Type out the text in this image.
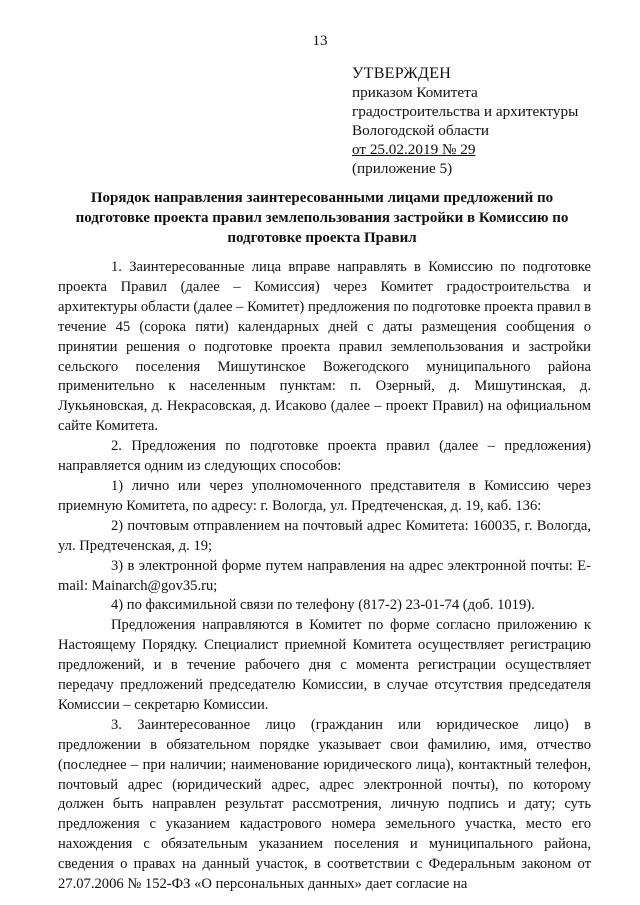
13
УТВЕРЖДЕН
приказом Комитета
градостроительства и архитектуры
Вологодской области
от 25.02.2019 № 29
(приложение 5)
Порядок направления заинтересованными лицами предложений по
подготовке проекта правил землепользования застройки в Комиссию по
подготовке проекта Правил

1. Заинтересованные лица вправе направлять в Комиссию по подготовке проекта Правил (далее – Комиссия) через Комитет градостроительства и архитектуры области (далее – Комитет) предложения по подготовке проекта правил в течение 45 (сорока пяти) календарных дней с даты размещения сообщения о принятии решения о подготовке проекта правил землепользования и застройки сельского поселения Мишутинское Вожегодского муниципального района применительно к населенным пунктам: п. Озерный, д. Мишутинская, д. Лукьяновская, д. Некрасовская, д. Исаково (далее – проект Правил) на официальном сайте Комитета.

2. Предложения по подготовке проекта правил (далее – предложения) направляется одним из следующих способов:

1) лично или через уполномоченного представителя в Комиссию через приемную Комитета, по адресу: г. Вологда, ул. Предтеченская, д. 19, каб. 136:

2) почтовым отправлением на почтовый адрес Комитета: 160035, г. Вологда, ул. Предтеченская, д. 19;

3) в электронной форме путем направления на адрес электронной почты: E-mail: Mainarch@gov35.ru;

4) по факсимильной связи по телефону (817-2) 23-01-74 (доб. 1019).

Предложения направляются в Комитет по форме согласно приложению к Настоящему Порядку. Специалист приемной Комитета осуществляет регистрацию предложений, и в течение рабочего дня с момента регистрации осуществляет передачу предложений председателю Комиссии, в случае отсутствия председателя Комиссии – секретарю Комиссии.

3. Заинтересованное лицо (гражданин или юридическое лицо) в предложении в обязательном порядке указывает свои фамилию, имя, отчество (последнее – при наличии; наименование юридического лица), контактный телефон, почтовый адрес (юридический адрес, адрес электронной почты), по которому должен быть направлен результат рассмотрения, личную подпись и дату; суть предложения с указанием кадастрового номера земельного участка, место его нахождения с обязательным указанием поселения и муниципального района, сведения о правах на данный участок, в соответствии с Федеральным законом от 27.07.2006 № 152-ФЗ «О персональных данных» дает согласие на
